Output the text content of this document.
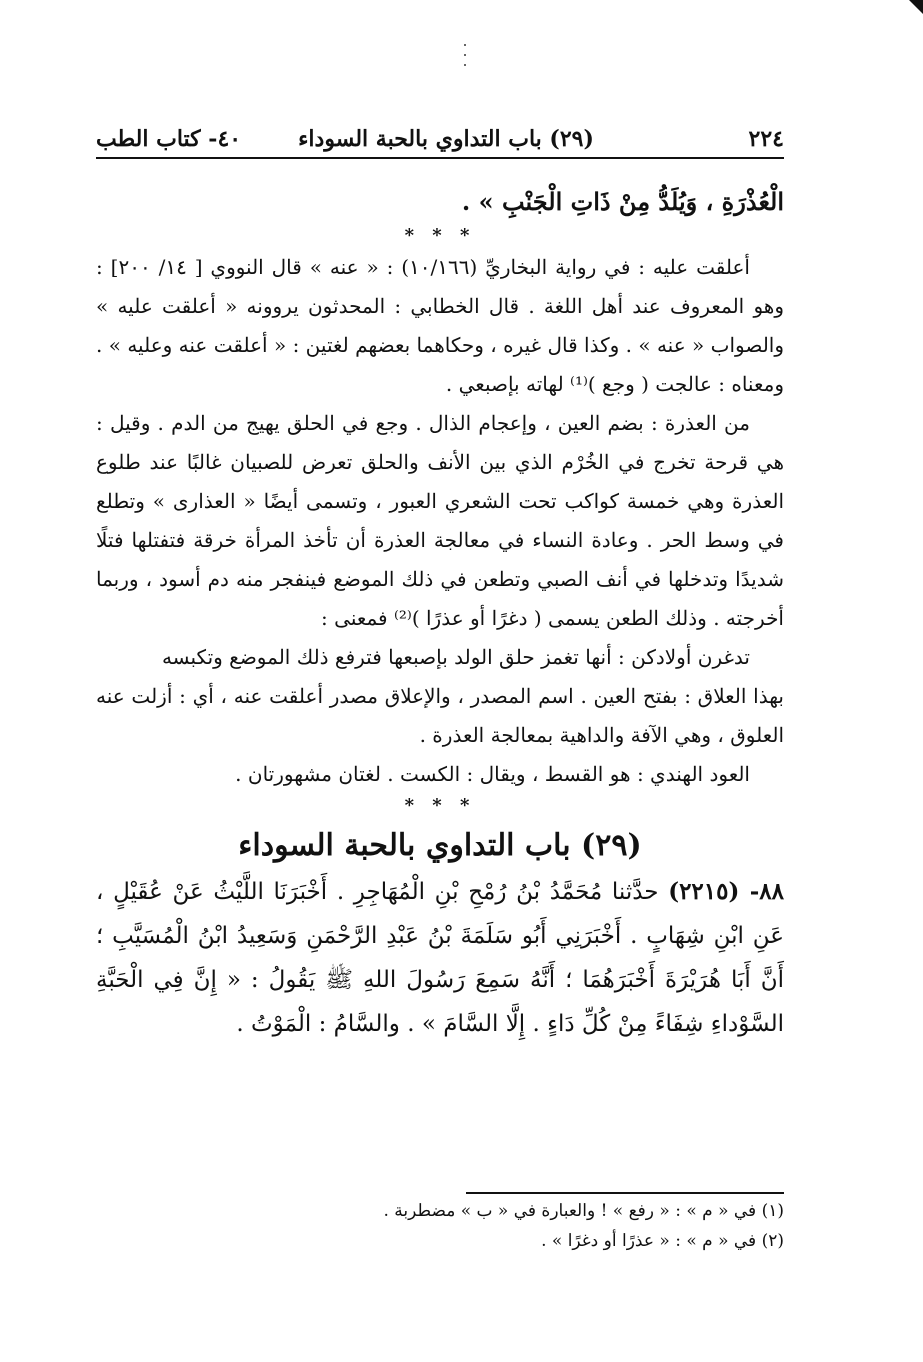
٢٢٤
(٢٩) باب التداوي بالحبة السوداء
٤٠- كتاب الطب

الْعُذْرَةِ ، وَيُلَدُّ مِنْ ذَاتِ الْجَنْبِ » .

* * *

أعلقت عليه : في رواية البخاريِّ (١٠/١٦٦) : « عنه » قال النووي [ ١٤/ ٢٠٠] : وهو المعروف عند أهل اللغة . قال الخطابي : المحدثون يروونه « أعلقت عليه » والصواب « عنه » . وكذا قال غيره ، وحكاهما بعضهم لغتين : « أعلقت عنه وعليه » . ومعناه : عالجت ( وجع )⁽¹⁾ لهاته بإصبعي .

من العذرة : بضم العين ، وإعجام الذال . وجع في الحلق يهيج من الدم . وقيل : هي قرحة تخرج في الخُرْم الذي بين الأنف والحلق تعرض للصبيان غالبًا عند طلوع العذرة وهي خمسة كواكب تحت الشعري العبور ، وتسمى أيضًا « العذارى » وتطلع في وسط الحر . وعادة النساء في معالجة العذرة أن تأخذ المرأة خرقة فتفتلها فتلًا شديدًا وتدخلها في أنف الصبي وتطعن في ذلك الموضع فينفجر منه دم أسود ، وربما أخرجته . وذلك الطعن يسمى ( دغرًا أو عذرًا )⁽²⁾ فمعنى :

تدغرن أولادكن : أنها تغمز حلق الولد بإصبعها فترفع ذلك الموضع وتكبسه

بهذا العلاق : بفتح العين . اسم المصدر ، والإعلاق مصدر أعلقت عنه ، أي : أزلت عنه العلوق ، وهي الآفة والداهية بمعالجة العذرة .

العود الهندي : هو القسط ، ويقال : الكست . لغتان مشهورتان .

* * *
(٢٩) باب التداوي بالحبة السوداء

٨٨- (٢٢١٥) حدَّثنا مُحَمَّدُ بْنُ رُمْحِ بْنِ الْمُهَاجِرِ . أَخْبَرَنَا اللَّيْثُ عَنْ عُقَيْلٍ ، عَنِ ابْنِ شِهَابٍ . أَخْبَرَنِي أَبُو سَلَمَةَ بْنُ عَبْدِ الرَّحْمَنِ وَسَعِيدُ ابْنُ الْمُسَيَّبِ ؛ أَنَّ أَبَا هُرَيْرَةَ أَخْبَرَهُمَا ؛ أَنَّهُ سَمِعَ رَسُولَ اللهِ ﷺ يَقُولُ : « إِنَّ فِي الْحَبَّةِ السَّوْداءِ شِفَاءً مِنْ كُلِّ دَاءٍ . إِلَّا السَّامَ » . والسَّامُ : الْمَوْتُ .

(١) في « م » : « رفع » ! والعبارة في « ب » مضطربة .

(٢) في « م » : « عذرًا أو دغرًا » .
